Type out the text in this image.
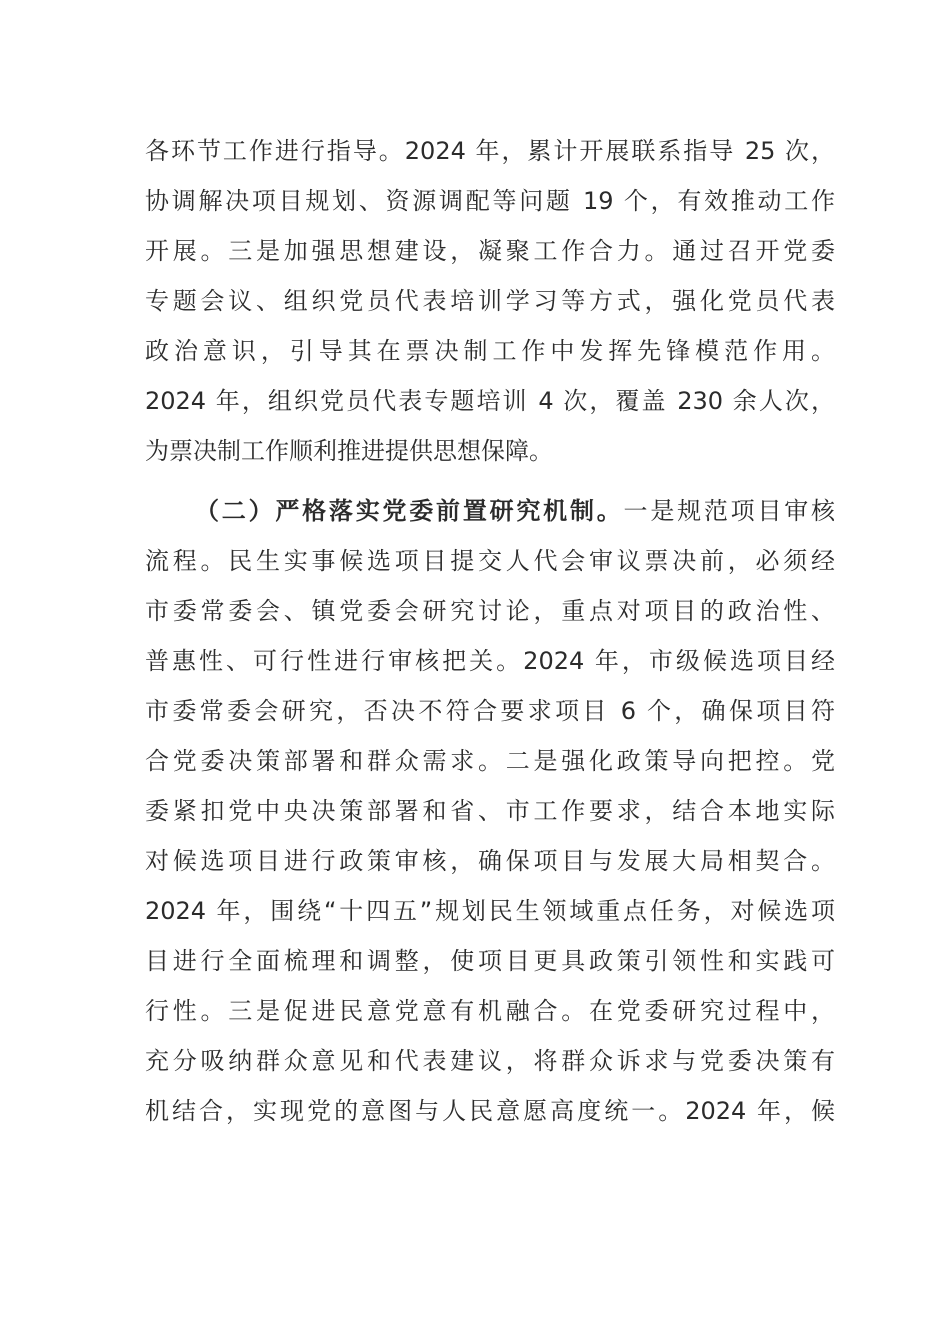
各环节工作进行指导。2024 年，累计开展联系指导 25 次，
协调解决项目规划、资源调配等问题 19 个，有效推动工作
开展。三是加强思想建设，凝聚工作合力。通过召开党委
专题会议、组织党员代表培训学习等方式，强化党员代表
政治意识，引导其在票决制工作中发挥先锋模范作用。
2024 年，组织党员代表专题培训 4 次，覆盖 230 余人次，
为票决制工作顺利推进提供思想保障。
（二）严格落实党委前置研究机制。一是规范项目审核
流程。民生实事候选项目提交人代会审议票决前，必须经
市委常委会、镇党委会研究讨论，重点对项目的政治性、
普惠性、可行性进行审核把关。2024 年，市级候选项目经
市委常委会研究，否决不符合要求项目 6 个，确保项目符
合党委决策部署和群众需求。二是强化政策导向把控。党
委紧扣党中央决策部署和省、市工作要求，结合本地实际
对候选项目进行政策审核，确保项目与发展大局相契合。
2024 年，围绕“十四五”规划民生领域重点任务，对候选项
目进行全面梳理和调整，使项目更具政策引领性和实践可
行性。三是促进民意党意有机融合。在党委研究过程中，
充分吸纳群众意见和代表建议，将群众诉求与党委决策有
机结合，实现党的意图与人民意愿高度统一。2024 年，候
